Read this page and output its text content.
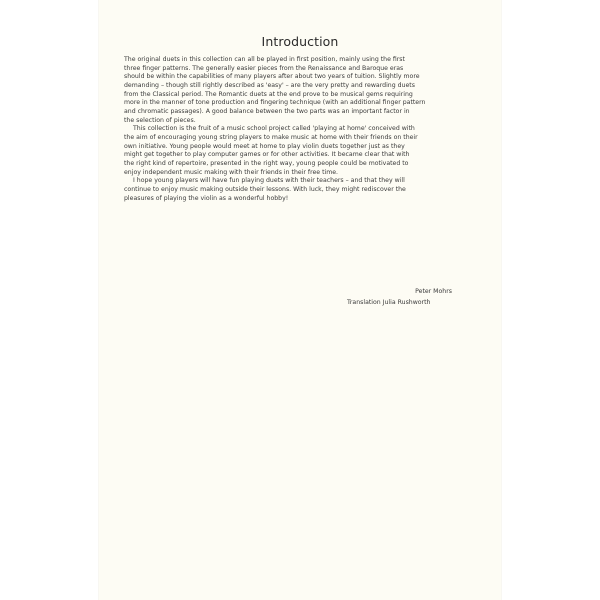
Introduction

The original duets in this collection can all be played in first position, mainly using the first
three finger patterns. The generally easier pieces from the Renaissance and Baroque eras
should be within the capabilities of many players after about two years of tuition. Slightly more
demanding – though still rightly described as 'easy' – are the very pretty and rewarding duets
from the Classical period. The Romantic duets at the end prove to be musical gems requiring
more in the manner of tone production and fingering technique (with an additional finger pattern
and chromatic passages). A good balance between the two parts was an important factor in
the selection of pieces.

This collection is the fruit of a music school project called 'playing at home' conceived with
the aim of encouraging young string players to make music at home with their friends on their
own initiative. Young people would meet at home to play violin duets together just as they
might get together to play computer games or for other activities. It became clear that with
the right kind of repertoire, presented in the right way, young people could be motivated to
enjoy independent music making with their friends in their free time.

I hope young players will have fun playing duets with their teachers – and that they will
continue to enjoy music making outside their lessons. With luck, they might rediscover the
pleasures of playing the violin as a wonderful hobby!

Peter Mohrs
Translation Julia Rushworth
